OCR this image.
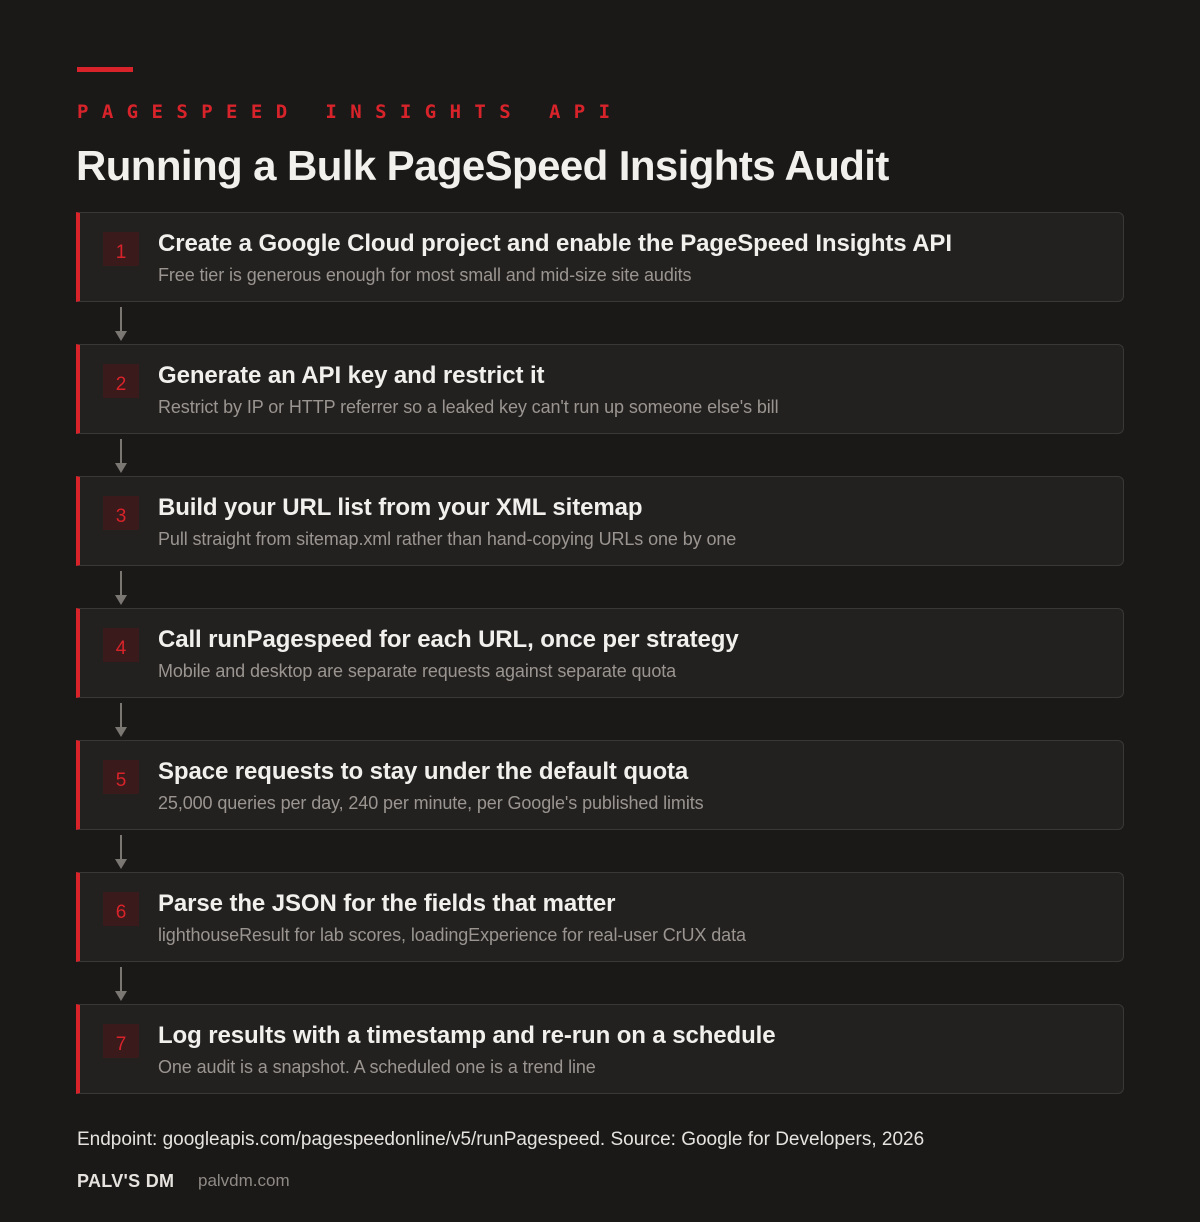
PAGESPEED INSIGHTS API
Running a Bulk PageSpeed Insights Audit
1	Create a Google Cloud project and enable the PageSpeed Insights API
Free tier is generous enough for most small and mid-size site audits
2	Generate an API key and restrict it
Restrict by IP or HTTP referrer so a leaked key can't run up someone else's bill
3	Build your URL list from your XML sitemap
Pull straight from sitemap.xml rather than hand-copying URLs one by one
4	Call runPagespeed for each URL, once per strategy
Mobile and desktop are separate requests against separate quota
5	Space requests to stay under the default quota
25,000 queries per day, 240 per minute, per Google's published limits
6	Parse the JSON for the fields that matter
lighthouseResult for lab scores, loadingExperience for real-user CrUX data
7	Log results with a timestamp and re-run on a schedule
One audit is a snapshot. A scheduled one is a trend line
Endpoint: googleapis.com/pagespeedonline/v5/runPagespeed. Source: Google for Developers, 2026
PALV'S DM palvdm.com
